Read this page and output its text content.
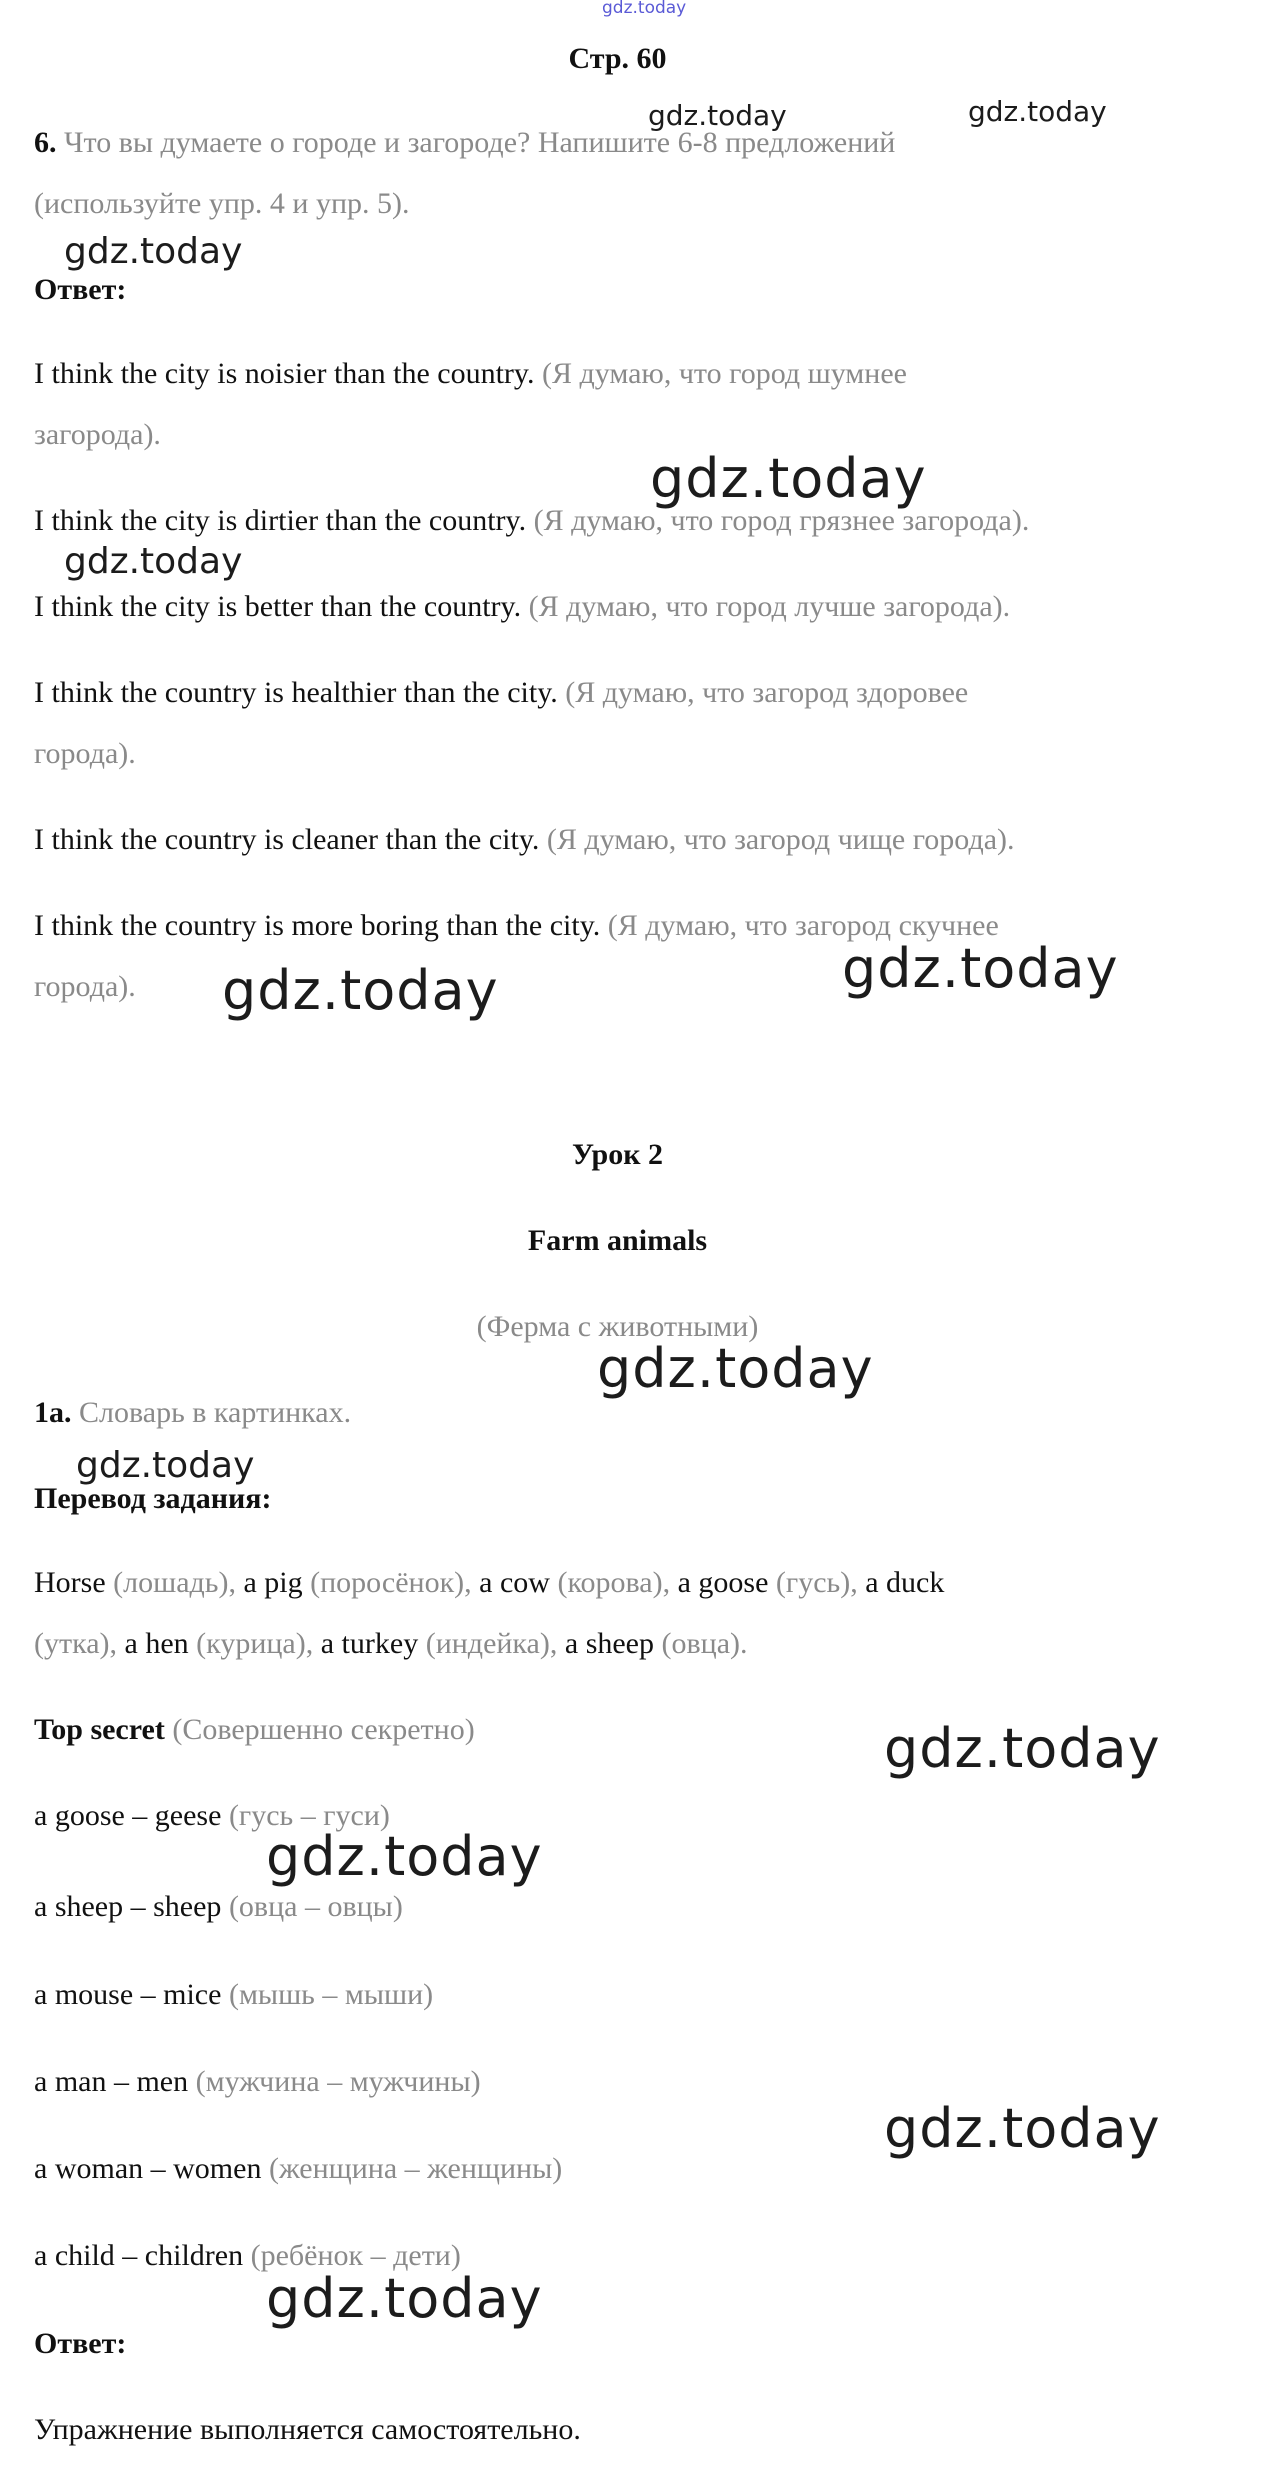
gdz.today
Стр. 60
6. Что вы думаете о городе и загороде? Напишите 6-8 предложений
(используйте упр. 4 и упр. 5).
Ответ:
I think the city is noisier than the country. (Я думаю, что город шумнее
загорода).
I think the city is dirtier than the country. (Я думаю, что город грязнее загорода).
I think the city is better than the country. (Я думаю, что город лучше загорода).
I think the country is healthier than the city. (Я думаю, что загород здоровее
города).
I think the country is cleaner than the city. (Я думаю, что загород чище города).
I think the country is more boring than the city. (Я думаю, что загород скучнее
города).
Урок 2
Farm animals
(Ферма с животными)
1a. Словарь в картинках.
Перевод задания:
Horse (лошадь), a pig (поросёнок), a cow (корова), a goose (гусь), a duck
(утка), a hen (курица), a turkey (индейка), a sheep (овца).
Top secret (Совершенно секретно)
a goose – geese (гусь – гуси)
a sheep – sheep (овца – овцы)
a mouse – mice (мышь – мыши)
a man – men (мужчина – мужчины)
a woman – women (женщина – женщины)
a child – children (ребёнок – дети)
Ответ:
Упражнение выполняется самостоятельно.
gdz.today	gdz.today
gdz.today
gdz.today
gdz.today
gdz.today	gdz.today
gdz.today
gdz.today
gdz.today
gdz.today
gdz.today
gdz.today
